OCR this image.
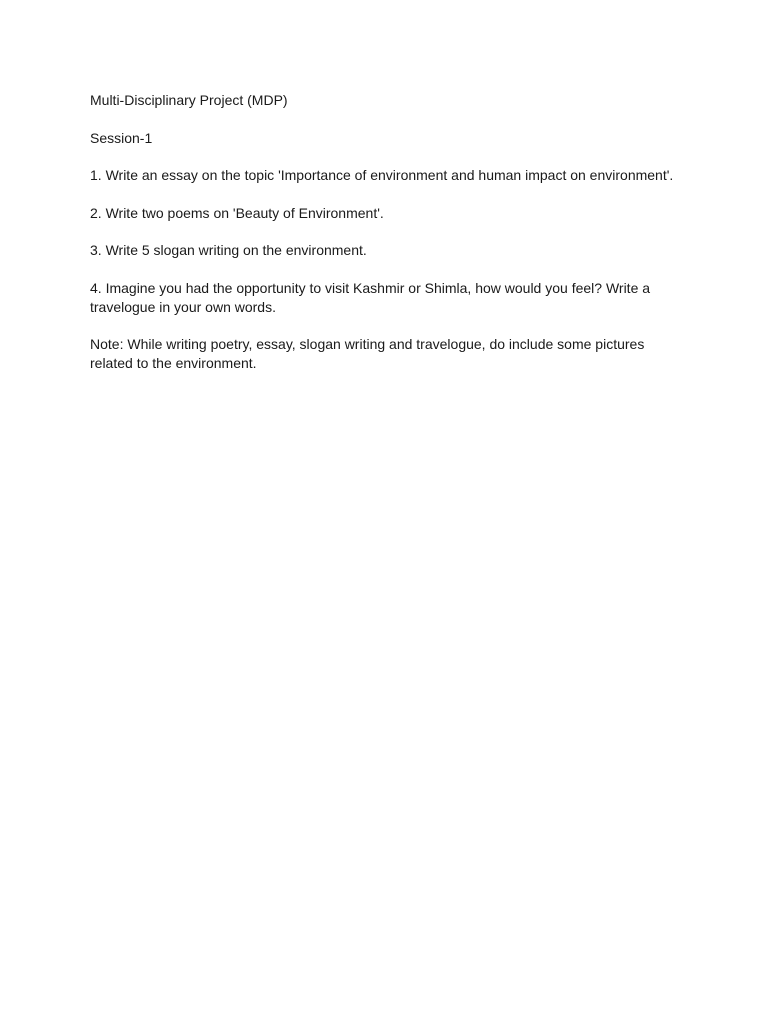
Multi-Disciplinary Project (MDP)

Session-1

1. Write an essay on the topic 'Importance of environment and human impact on environment'.

2. Write two poems on 'Beauty of Environment'.

3. Write 5 slogan writing on the environment.

4. Imagine you had the opportunity to visit Kashmir or Shimla, how would you feel? Write a travelogue in your own words.

Note: While writing poetry, essay, slogan writing and travelogue, do include some pictures related to the environment.
